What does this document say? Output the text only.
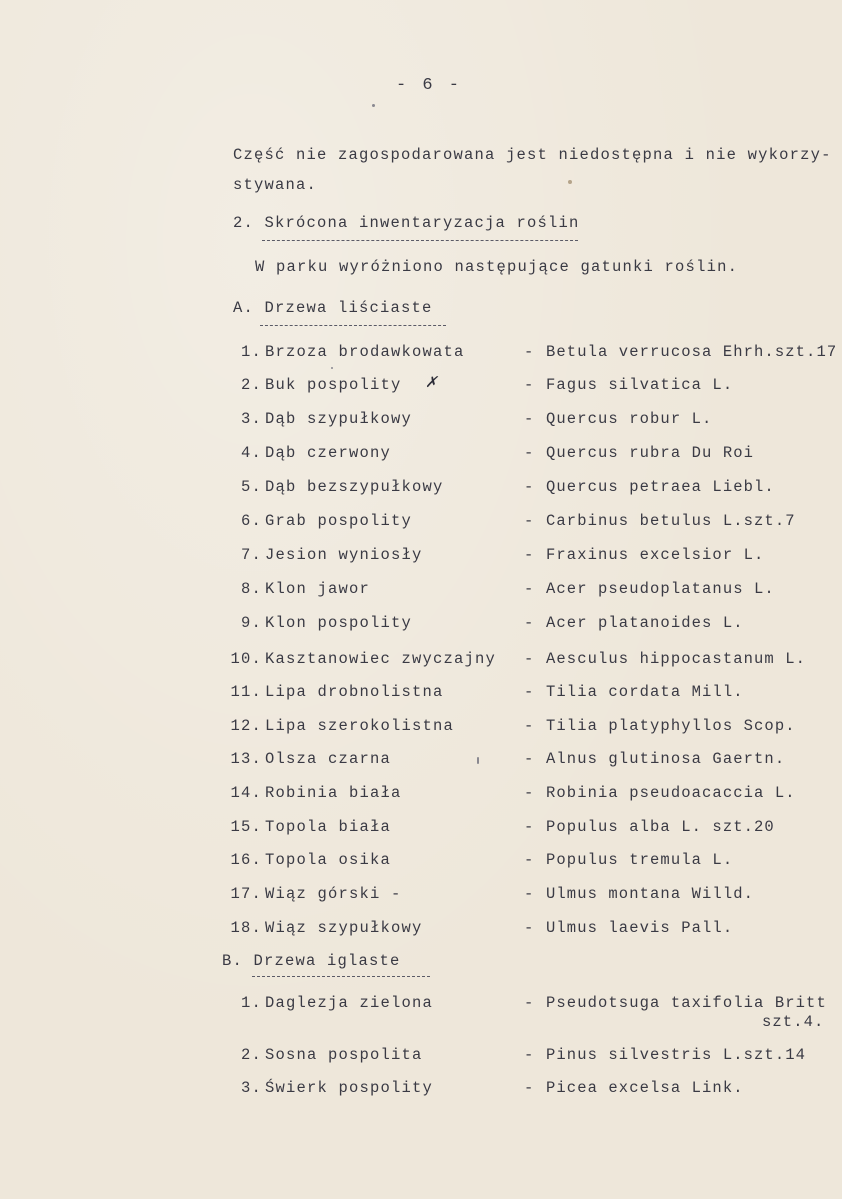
- 6 -
Część nie zagospodarowana jest niedostępna i nie wykorzy-
stywana.
2. Skrócona inwentaryzacja roślin
W parku wyróżniono następujące gatunki roślin.
A. Drzewa liściaste
1. Brzoza brodawkowata	- Betula verrucosa Ehrh.szt.17
2. Buk pospolity	- Fagus silvatica L.
3. Dąb szypułkowy	- Quercus robur L.
4. Dąb czerwony	- Quercus rubra Du Roi
5. Dąb bezszypułkowy	- Quercus petraea Liebl.
6. Grab pospolity	- Carbinus betulus L.szt.7
7. Jesion wyniosły	- Fraxinus excelsior L.
8. Klon jawor	- Acer pseudoplatanus L.
9. Klon pospolity	- Acer platanoides L.
10. Kasztanowiec zwyczajny - Aesculus hippocastanum L.
11. Lipa drobnolistna	- Tilia cordata Mill.
12. Lipa szerokolistna	- Tilia platyphyllos Scop.
13. Olsza czarna	- Alnus glutinosa Gaertn.
14. Robinia biała	- Robinia pseudoacaccia L.
15. Topola biała	- Populus alba L. szt.20
16. Topola osika	- Populus tremula L.
17. Wiąz górski -	- Ulmus montana Willd.
18. Wiąz szypułkowy	- Ulmus laevis Pall.
B. Drzewa iglaste
1. Daglezja zielona	- Pseudotsuga taxifolia Britt
szt.4.
2. Sosna pospolita	- Pinus silvestris L.szt.14
3. Świerk pospolity	- Picea excelsa Link.
✗
